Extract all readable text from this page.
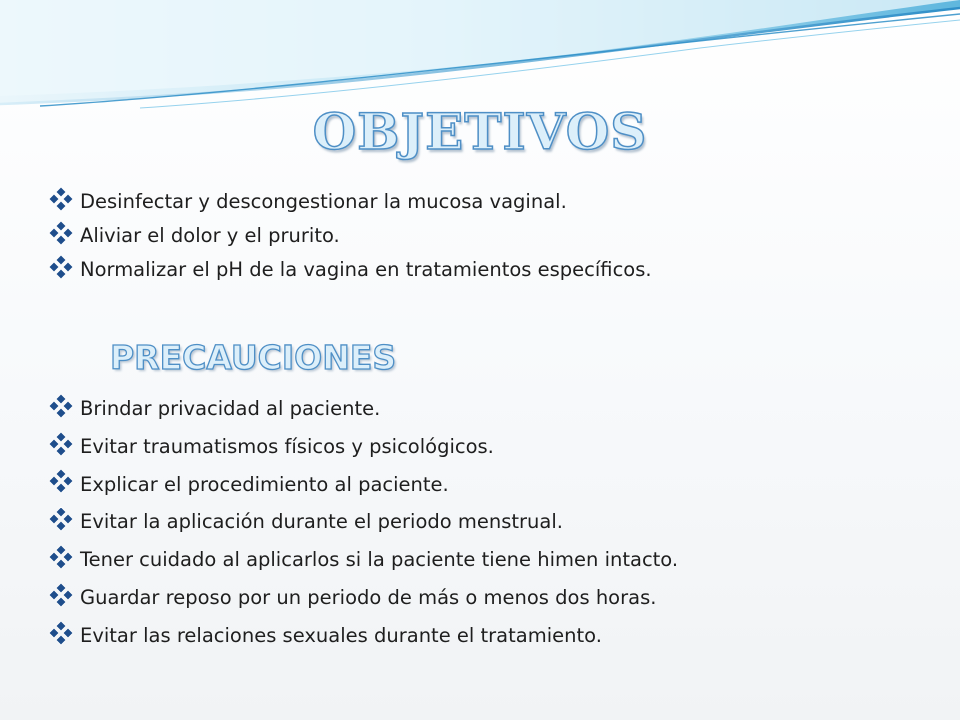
OBJETIVOS
Desinfectar y descongestionar la mucosa vaginal.
Aliviar el dolor y el prurito.
Normalizar el pH de la vagina en tratamientos específicos.
PRECAUCIONES
Brindar privacidad al paciente.
Evitar traumatismos físicos y psicológicos.
Explicar el procedimiento al paciente.
Evitar la aplicación durante el periodo menstrual.
Tener cuidado al aplicarlos si la paciente tiene himen intacto.
Guardar reposo por un periodo de más o menos dos horas.
Evitar las relaciones sexuales durante el tratamiento.
